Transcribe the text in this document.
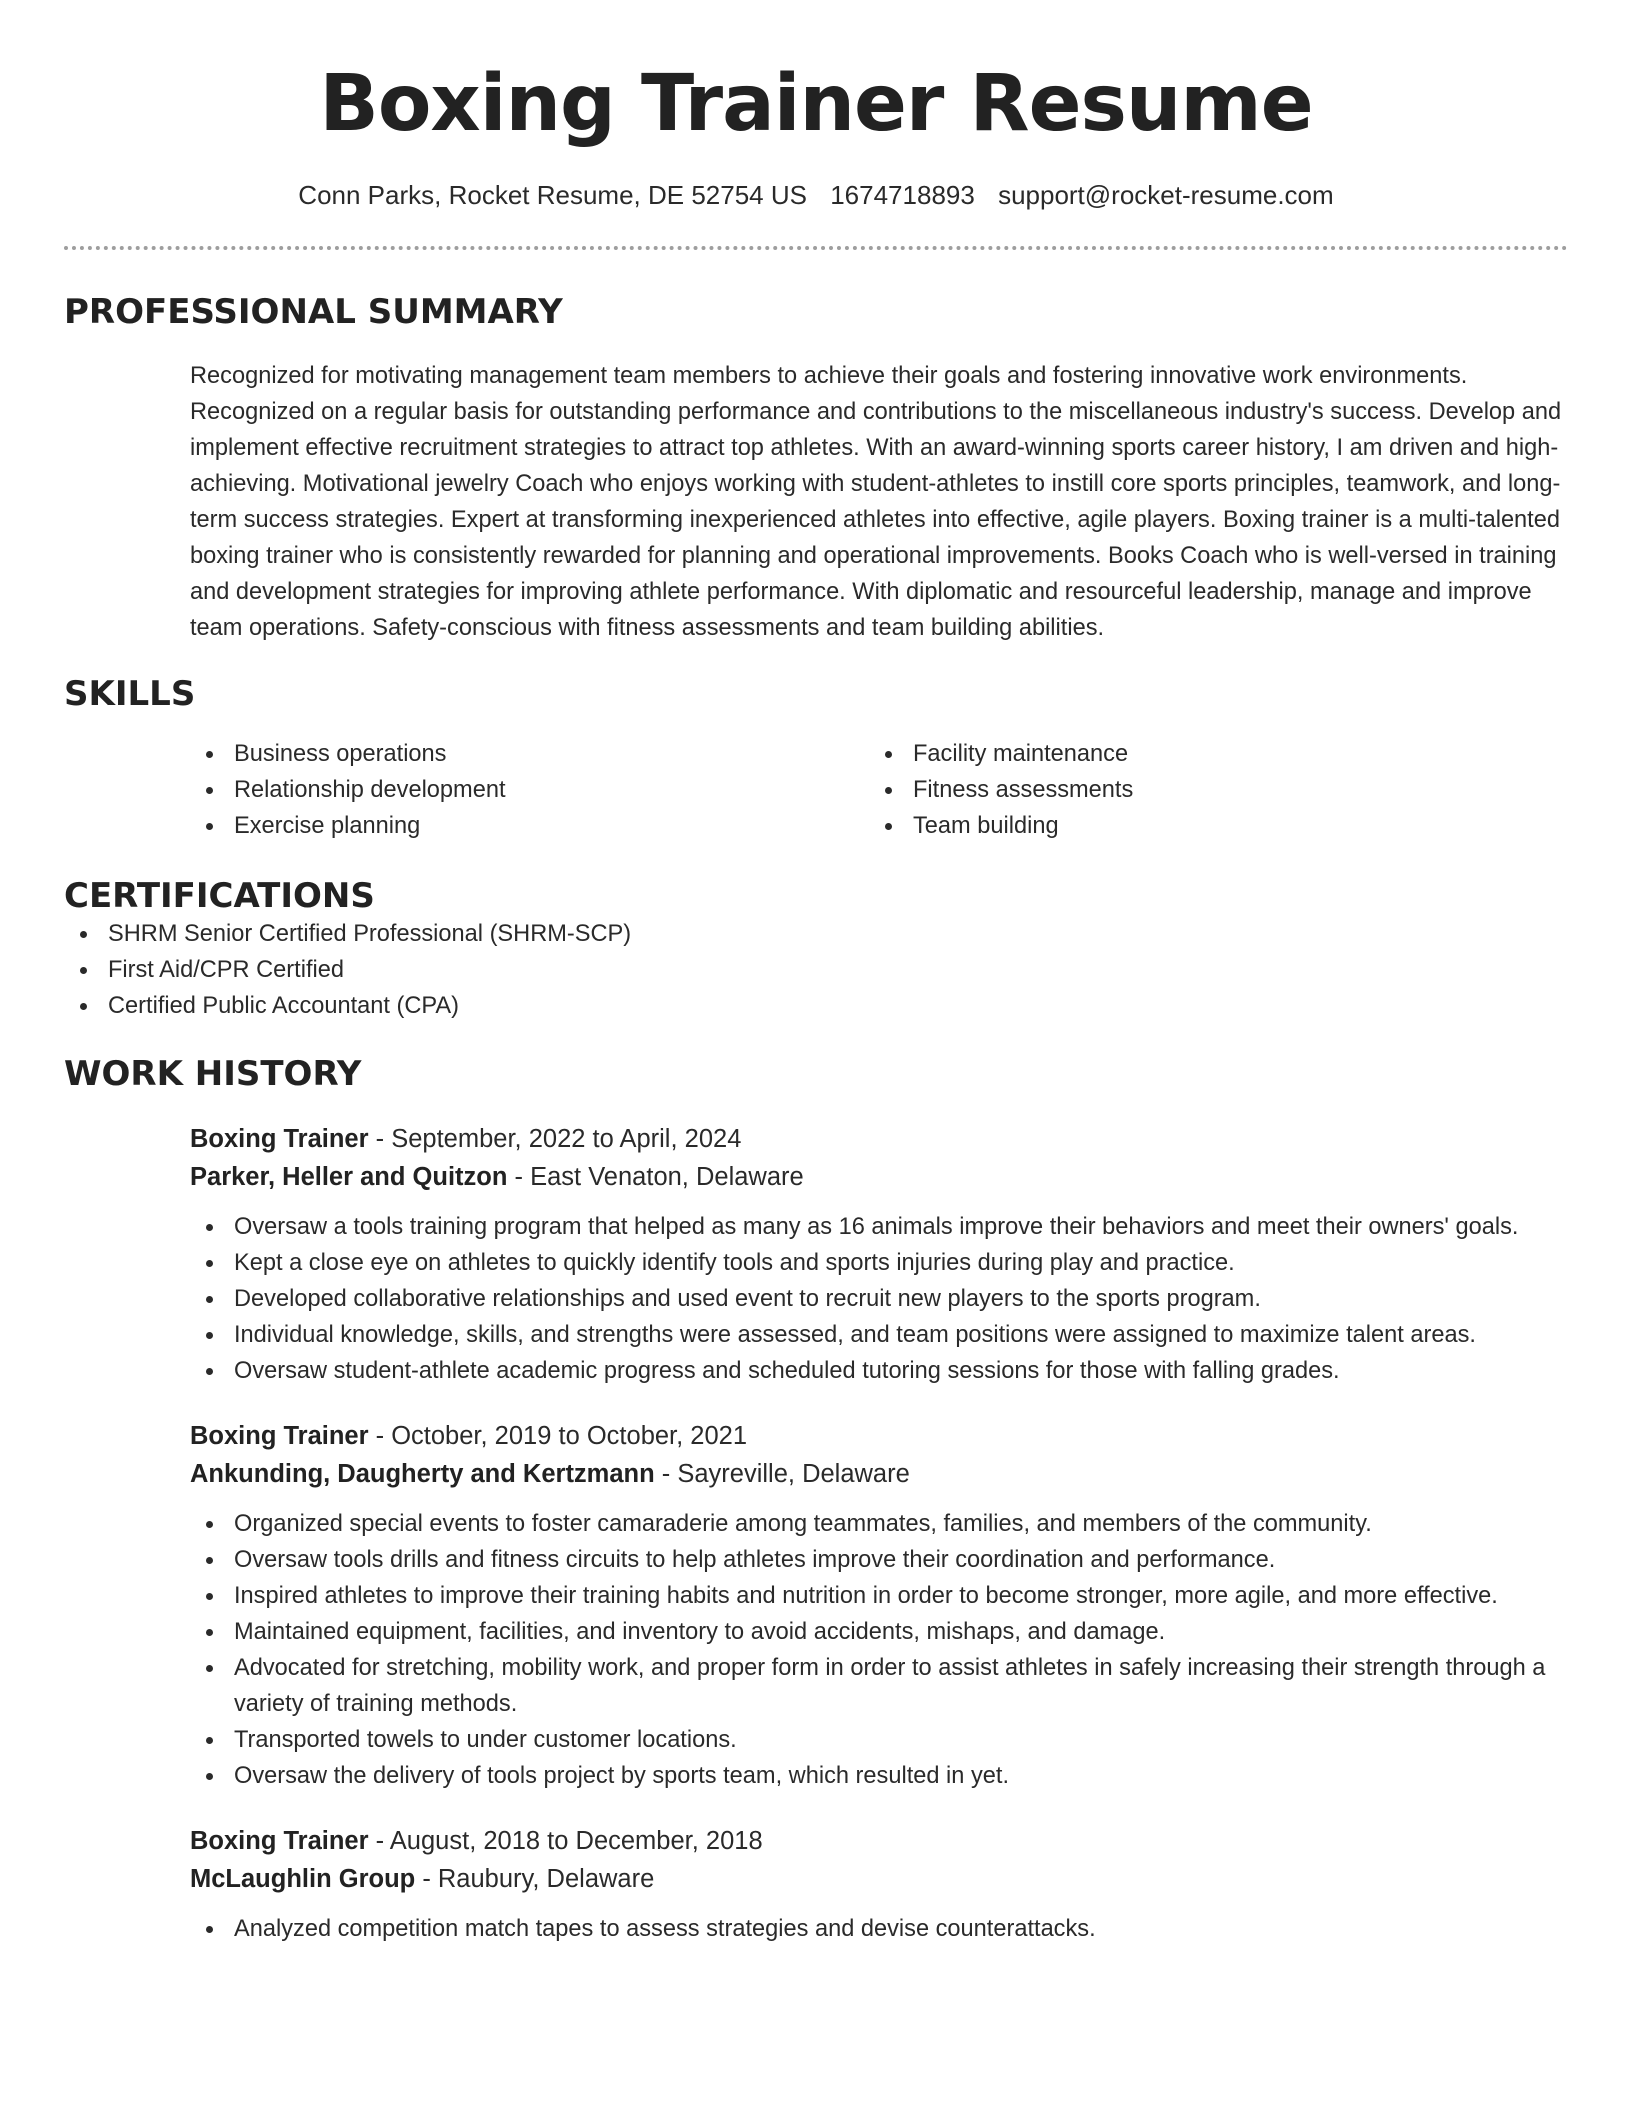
Boxing Trainer Resume
Conn Parks, Rocket Resume, DE 52754 US 1674718893 support@rocket-resume.com
PROFESSIONAL SUMMARY

Recognized for motivating management team members to achieve their goals and fostering innovative work environments. Recognized on a regular basis for outstanding performance and contributions to the miscellaneous industry's success. Develop and implement effective recruitment strategies to attract top athletes. With an award-winning sports career history, I am driven and high-achieving. Motivational jewelry Coach who enjoys working with student-athletes to instill core sports principles, teamwork, and long-term success strategies. Expert at transforming inexperienced athletes into effective, agile players. Boxing trainer is a multi-talented boxing trainer who is consistently rewarded for planning and operational improvements. Books Coach who is well-versed in training and development strategies for improving athlete performance. With diplomatic and resourceful leadership, manage and improve team operations. Safety-conscious with fitness assessments and team building abilities.

SKILLS
Business operations
Relationship development
Exercise planning
Facility maintenance
Fitness assessments
Team building
CERTIFICATIONS
SHRM Senior Certified Professional (SHRM-SCP)
First Aid/CPR Certified
Certified Public Accountant (CPA)
WORK HISTORY
Boxing Trainer - September, 2022 to April, 2024
Parker, Heller and Quitzon - East Venaton, Delaware
Oversaw a tools training program that helped as many as 16 animals improve their behaviors and meet their owners' goals.
Kept a close eye on athletes to quickly identify tools and sports injuries during play and practice.
Developed collaborative relationships and used event to recruit new players to the sports program.
Individual knowledge, skills, and strengths were assessed, and team positions were assigned to maximize talent areas.
Oversaw student-athlete academic progress and scheduled tutoring sessions for those with falling grades.
Boxing Trainer - October, 2019 to October, 2021
Ankunding, Daugherty and Kertzmann - Sayreville, Delaware
Organized special events to foster camaraderie among teammates, families, and members of the community.
Oversaw tools drills and fitness circuits to help athletes improve their coordination and performance.
Inspired athletes to improve their training habits and nutrition in order to become stronger, more agile, and more effective.
Maintained equipment, facilities, and inventory to avoid accidents, mishaps, and damage.
Advocated for stretching, mobility work, and proper form in order to assist athletes in safely increasing their strength through a variety of training methods.
Transported towels to under customer locations.
Oversaw the delivery of tools project by sports team, which resulted in yet.
Boxing Trainer - August, 2018 to December, 2018
McLaughlin Group - Raubury, Delaware
Analyzed competition match tapes to assess strategies and devise counterattacks.
